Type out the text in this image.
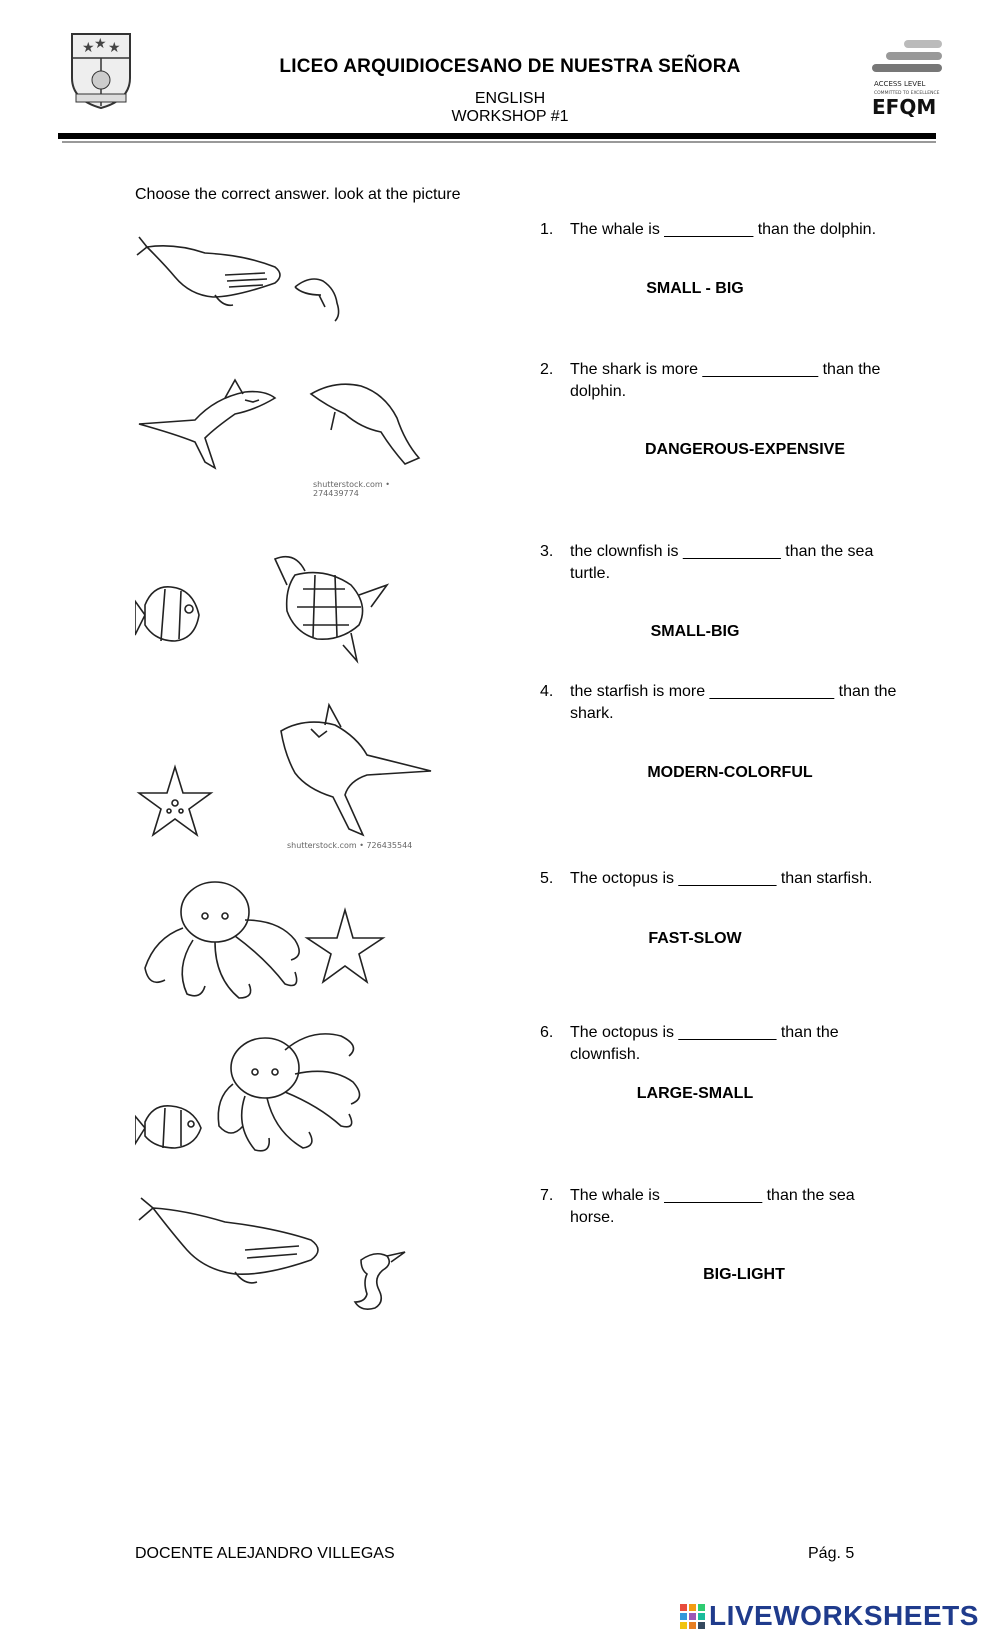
★ ★ ★
LICEO ARQUIDIOCESANO DE NUESTRA SEÑORA
ENGLISH
WORKSHOP #1
ACCESS LEVEL
COMMITTED TO EXCELLENCE
EFQM
Choose the correct answer. look at the picture
shutterstock.com • 274439774
shutterstock.com • 726435544
1.	The whale is __________ than the dolphin.
SMALL - BIG
2.	The shark is more _____________ than the dolphin.
DANGEROUS-EXPENSIVE
3.	the clownfish is ___________ than the sea turtle.
SMALL-BIG
4.	the starfish is more ______________ than the shark.
MODERN-COLORFUL
5.	The octopus is ___________ than starfish.
FAST-SLOW
6.	The octopus is ___________ than the clownfish.
LARGE-SMALL
7.	The whale is ___________ than the sea horse.
BIG-LIGHT
DOCENTE ALEJANDRO VILLEGAS	Pág. 5
LIVEWORKSHEETS
